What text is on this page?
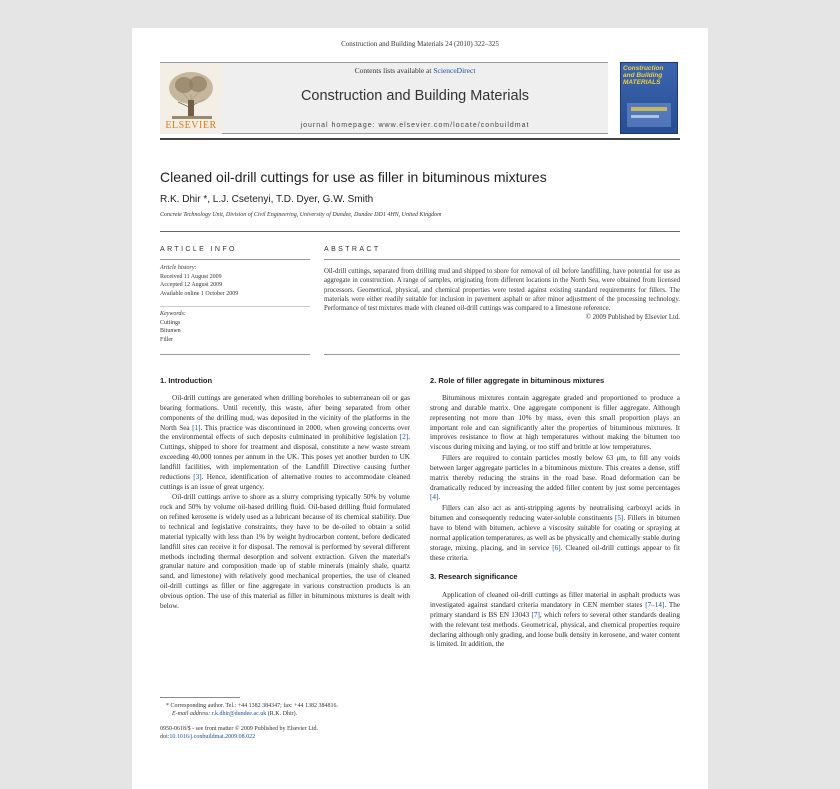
Construction and Building Materials 24 (2010) 322–325
ELSEVIER
Contents lists available at ScienceDirect
Construction and Building Materials
journal homepage: www.elsevier.com/locate/conbuildmat
Construction and Building MATERIALS
Cleaned oil-drill cuttings for use as filler in bituminous mixtures
R.K. Dhir *, L.J. Csetenyi, T.D. Dyer, G.W. Smith
Concrete Technology Unit, Division of Civil Engineering, University of Dundee, Dundee DD1 4HN, United Kingdom
ARTICLE INFO
Article history:
Received 11 August 2009
Accepted 12 August 2009
Available online 1 October 2009
Keywords:
Cuttings
Bitumen
Filler
ABSTRACT
Oil-drill cuttings, separated from drilling mud and shipped to shore for removal of oil before landfilling, have potential for use as aggregate in construction. A range of samples, originating from different locations in the North Sea, were obtained from licensed processors. Geometrical, physical, and chemical properties were tested against existing standard requirements for fillers. The materials were either readily suitable for inclusion in pavement asphalt or after minor adjustment of the processing technology. Performance of test mixtures made with cleaned oil-drill cuttings was compared to a limestone reference.
© 2009 Published by Elsevier Ltd.
1. Introduction

Oil-drill cuttings are generated when drilling boreholes to subterranean oil or gas bearing formations. Until recently, this waste, after being separated from other components of the drilling mud, was deposited in the vicinity of the platforms in the North Sea [1]. This practice was discontinued in 2000, when growing concerns over the environmental effects of such deposits culminated in prohibitive legislation [2]. Cuttings, shipped to shore for treatment and disposal, constitute a new waste stream exceeding 40,000 tonnes per annum in the UK. This poses yet another burden to UK landfill facilities, with implementation of the Landfill Directive causing further reductions [3]. Hence, identification of alternative routes to accommodate cleaned cuttings is an issue of great urgency.

Oil-drill cuttings arrive to shore as a slurry comprising typically 50% by volume rock and 50% by volume oil-based drilling fluid. Oil-based drilling fluid formulated on refined kerosene is widely used as a lubricant because of its chemical stability. Due to technical and legislative constraints, they have to be de-oiled to obtain a solid material typically with less than 1% by weight hydrocarbon content, before dedicated landfill sites can receive it for disposal. The removal is performed by several different methods including thermal desorption and solvent extraction. Given the material's granular nature and composition made up of stable minerals (mainly shale, quartz sand, and limestone) with relatively good mechanical properties, the use of cleaned oil-drill cuttings as filler or fine aggregate in various construction products is an obvious option. The use of this material as filler in bituminous mixtures is dealt with below.

* Corresponding author. Tel.: +44 1382 384347; fax: +44 1382 384816.
E-mail address: r.k.dhir@dundee.ac.uk (R.K. Dhir).
0950-0618/$ - see front matter © 2009 Published by Elsevier Ltd.
doi:10.1016/j.conbuildmat.2009.08.022
2. Role of filler aggregate in bituminous mixtures

Bituminous mixtures contain aggregate graded and proportioned to produce a strong and durable matrix. One aggregate component is filler aggregate. Although representing not more than 10% by mass, even this small proportion plays an important role and can significantly alter the properties of bituminous mixtures. It improves resistance to flow at high temperatures without making the bitumen too viscous during mixing and laying, or too stiff and brittle at low temperatures.

Fillers are required to contain particles mostly below 63 μm, to fill any voids between larger aggregate particles in a bituminous mixture. This creates a dense, stiff matrix thereby reducing the strains in the road base. Road deformation can be dramatically reduced by increasing the added filler content by just some percentages [4].

Fillers can also act as anti-stripping agents by neutralising carboxyl acids in bitumen and consequently reducing water-soluble constituents [5]. Fillers in bitumen have to blend with bitumen, achieve a viscosity suitable for coating or spraying at normal application temperatures, as well as be physically and chemically stable during storage, mixing, placing, and in service [6]. Cleaned oil-drill cuttings appear to fit these criteria.

3. Research significance

Application of cleaned oil-drill cuttings as filler material in asphalt products was investigated against standard criteria mandatory in CEN member states [7–14]. The primary standard is BS EN 13043 [7], which refers to several other standards dealing with the relevant test methods. Geometrical, physical, and chemical properties require declaring although only grading, and loose bulk density in kerosene, and water content is limited. In addition, the
